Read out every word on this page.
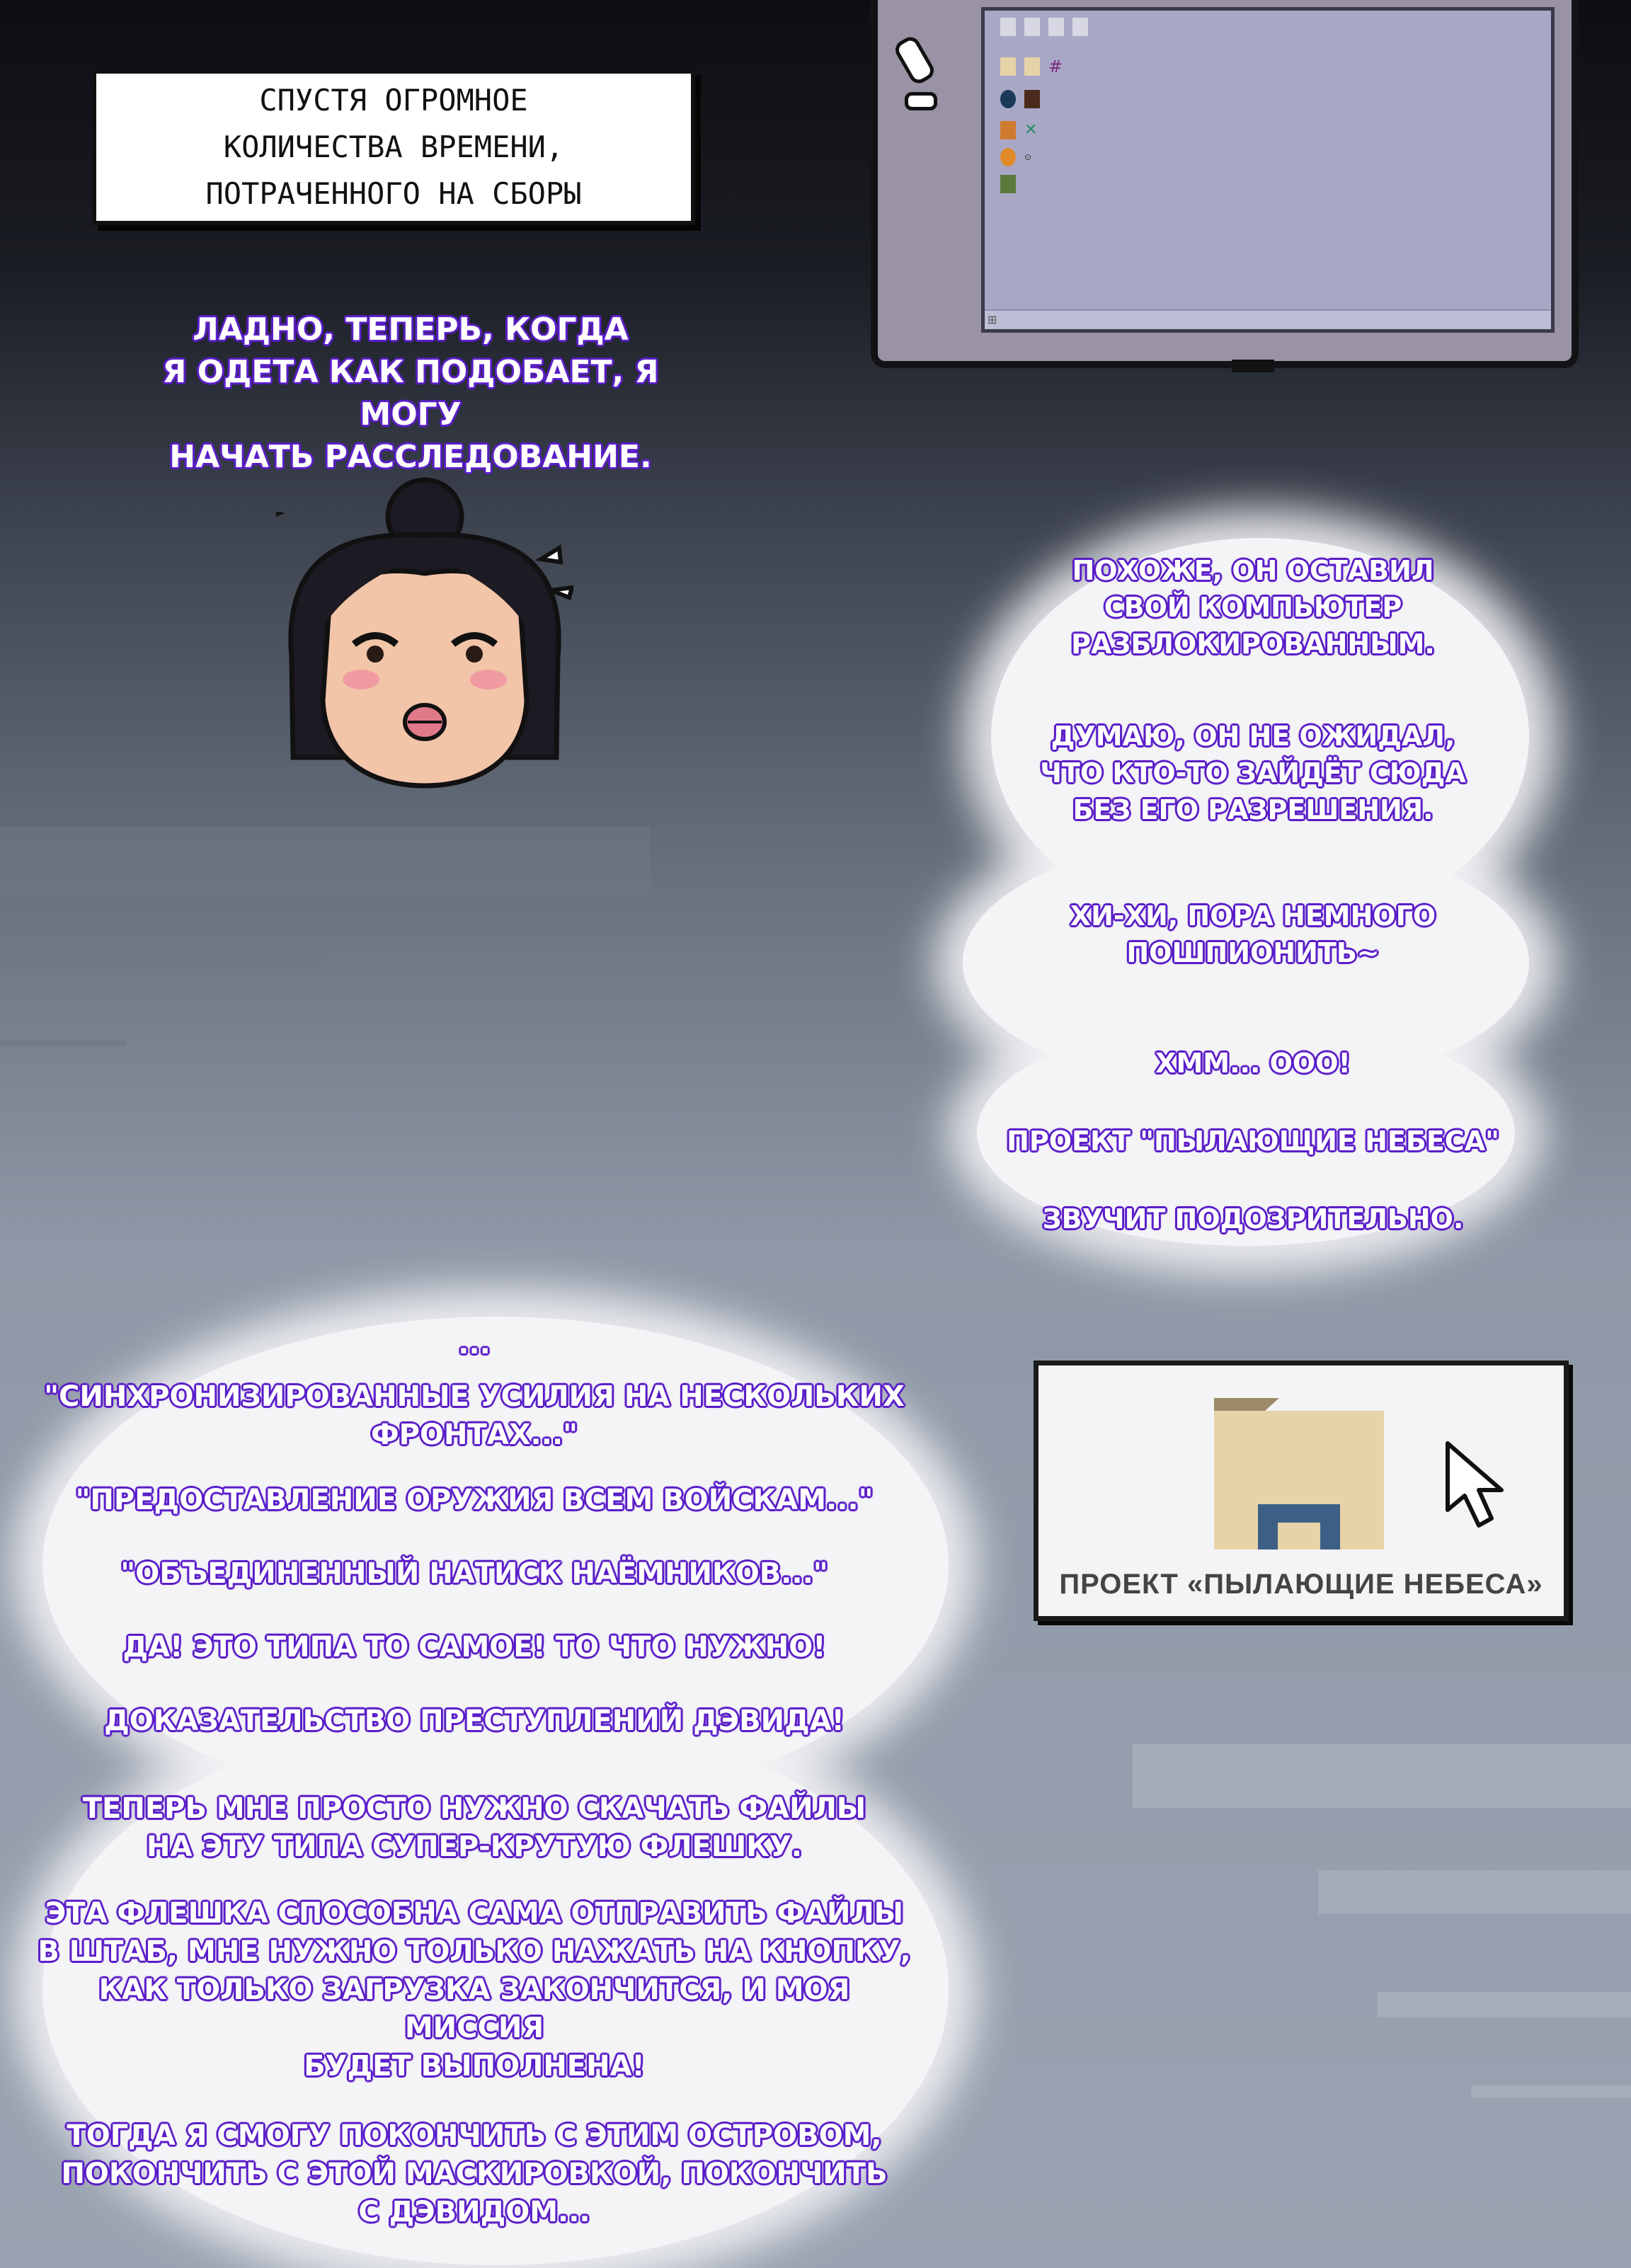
#
✕
⊙
⊞
СПУСТЯ ОГРОМНОЕ
КОЛИЧЕСТВА ВРЕМЕНИ,
ПОТРАЧЕННОГО НА СБОРЫ
ЛАДНО, ТЕПЕРЬ, КОГДА
Я ОДЕТА КАК ПОДОБАЕТ, Я МОГУ
НАЧАТЬ РАССЛЕДОВАНИЕ.
ПОХОЖЕ, ОН ОСТАВИЛ
СВОЙ КОМПЬЮТЕР
РАЗБЛОКИРОВАННЫМ.
ДУМАЮ, ОН НЕ ОЖИДАЛ,
ЧТО КТО-ТО ЗАЙДЁТ СЮДА
БЕЗ ЕГО РАЗРЕШЕНИЯ.
ХИ-ХИ, ПОРА НЕМНОГО
ПОШПИОНИТЬ~
ХММ... ООО!
ПРОЕКТ "ПЫЛАЮЩИЕ НЕБЕСА"
ЗВУЧИТ ПОДОЗРИТЕЛЬНО.
...
"СИНХРОНИЗИРОВАННЫЕ УСИЛИЯ НА НЕСКОЛЬКИХ
ФРОНТАХ..."
"ПРЕДОСТАВЛЕНИЕ ОРУЖИЯ ВСЕМ ВОЙСКАМ..."
"ОБЪЕДИНЕННЫЙ НАТИСК НАЁМНИКОВ..."
ДА! ЭТО ТИПА ТО САМОЕ! ТО ЧТО НУЖНО!
ДОКАЗАТЕЛЬСТВО ПРЕСТУПЛЕНИЙ ДЭВИДА!
ТЕПЕРЬ МНЕ ПРОСТО НУЖНО СКАЧАТЬ ФАЙЛЫ
НА ЭТУ ТИПА СУПЕР-КРУТУЮ ФЛЕШКУ.
ЭТА ФЛЕШКА СПОСОБНА САМА ОТПРАВИТЬ ФАЙЛЫ
В ШТАБ, МНЕ НУЖНО ТОЛЬКО НАЖАТЬ НА КНОПКУ,
КАК ТОЛЬКО ЗАГРУЗКА ЗАКОНЧИТСЯ, И МОЯ МИССИЯ
БУДЕТ ВЫПОЛНЕНА!
ТОГДА Я СМОГУ ПОКОНЧИТЬ С ЭТИМ ОСТРОВОМ,
ПОКОНЧИТЬ С ЭТОЙ МАСКИРОВКОЙ, ПОКОНЧИТЬ
С ДЭВИДОМ...
ПРОЕКТ «ПЫЛАЮЩИЕ НЕБЕСА»
